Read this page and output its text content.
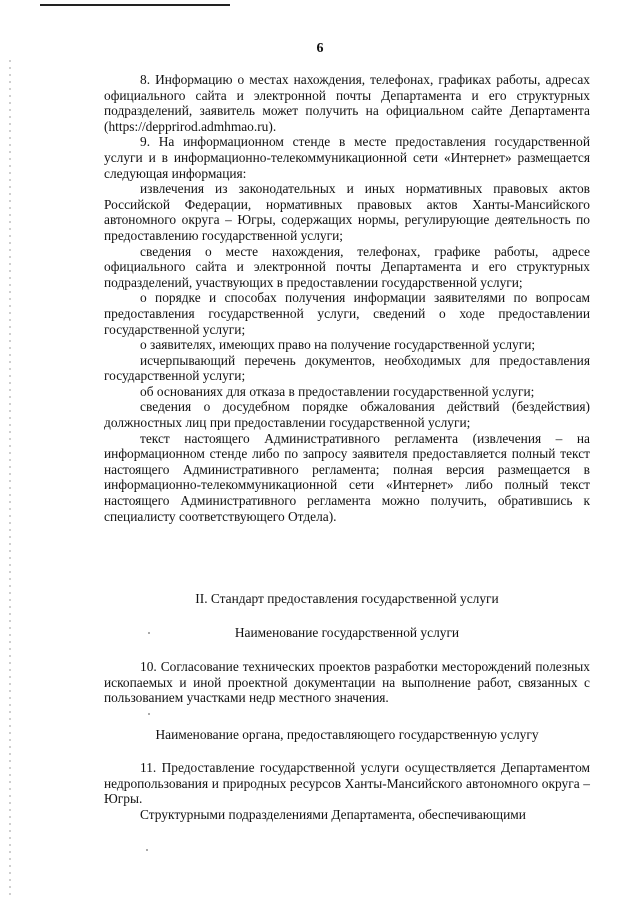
6

8. Информацию о местах нахождения, телефонах, графиках работы, адресах официального сайта и электронной почты Департамента и его структурных подразделений, заявитель может получить на официальном сайте Департамента (https://depprirod.admhmao.ru).

9. На информационном стенде в месте предоставления государственной услуги и в информационно-телекоммуникационной сети «Интернет» размещается следующая информация:

извлечения из законодательных и иных нормативных правовых актов Российской Федерации, нормативных правовых актов Ханты-Мансийского автономного округа – Югры, содержащих нормы, регулирующие деятельность по предоставлению государственной услуги;

сведения о месте нахождения, телефонах, графике работы, адресе официального сайта и электронной почты Департамента и его структурных подразделений, участвующих в предоставлении государственной услуги;

о порядке и способах получения информации заявителями по вопросам предоставления государственной услуги, сведений о ходе предоставлении государственной услуги;

о заявителях, имеющих право на получение государственной услуги;

исчерпывающий перечень документов, необходимых для предоставления государственной услуги;

об основаниях для отказа в предоставлении государственной услуги;

сведения о досудебном порядке обжалования действий (бездействия) должностных лиц при предоставлении государственной услуги;

текст настоящего Административного регламента (извлечения – на информационном стенде либо по запросу заявителя предоставляется полный текст настоящего Административного регламента; полная версия размещается в информационно-телекоммуникационной сети «Интернет» либо полный текст настоящего Административного регламента можно получить, обратившись к специалисту соответствующего Отдела).

II. Стандарт предоставления государственной услуги
Наименование государственной услуги

10. Согласование технических проектов разработки месторождений полезных ископаемых и иной проектной документации на выполнение работ, связанных с пользованием участками недр местного значения.

Наименование органа, предоставляющего государственную услугу

11. Предоставление государственной услуги осуществляется Департаментом недропользования и природных ресурсов Ханты-Мансийского автономного округа – Югры.

Структурными подразделениями Департамента, обеспечивающими
